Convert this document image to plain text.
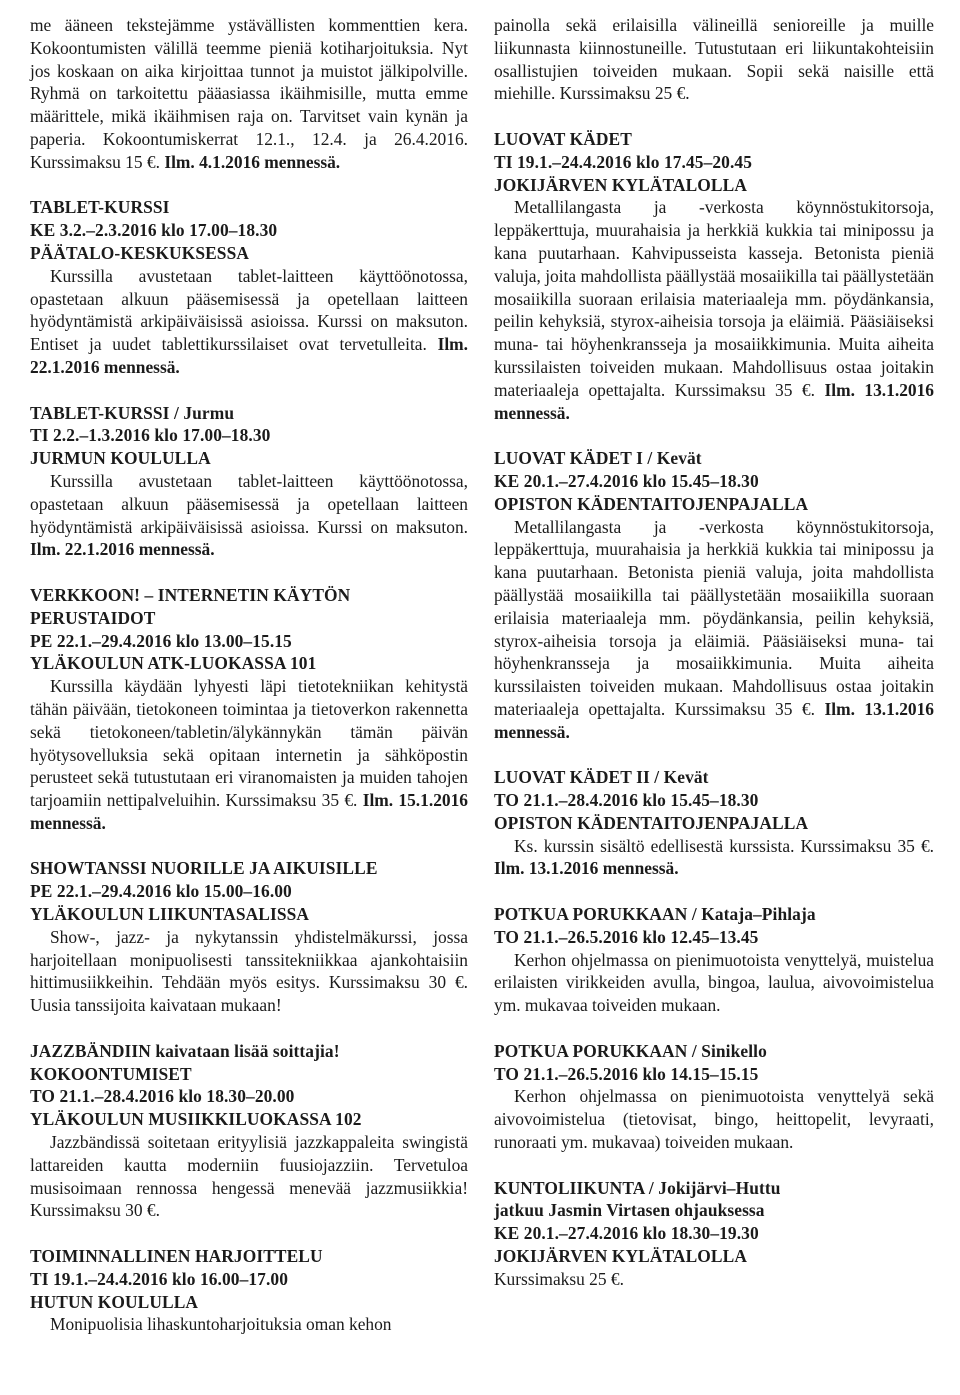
me ääneen tekstejämme ystävällisten kommenttien kera. Kokoontumisten välillä teemme pieniä kotiharjoituksia. Nyt jos koskaan on aika kirjoittaa tunnot ja muistot jälkipolville. Ryhmä on tarkoitettu pääasiassa ikäihmisille, mutta emme määrittele, mikä ikäihmisen raja on. Tarvitset vain kynän ja paperia. Kokoontumiskerrat 12.1., 12.4. ja 26.4.2016. Kurssimaksu 15 €. Ilm. 4.1.2016 mennessä.

TABLET-KURSSI

KE 3.2.–2.3.2016 klo 17.00–18.30

PÄÄTALO-KESKUKSESSA

Kurssilla avustetaan tablet-laitteen käyttöönotossa, opastetaan alkuun pääsemisessä ja opetellaan laitteen hyödyntämistä arkipäiväisissä asioissa. Kurssi on maksuton. Entiset ja uudet tablettikurssilaiset ovat tervetulleita. Ilm. 22.1.2016 mennessä.

TABLET-KURSSI / Jurmu

TI 2.2.–1.3.2016 klo 17.00–18.30

JURMUN KOULULLA

Kurssilla avustetaan tablet-laitteen käyttöönotossa, opastetaan alkuun pääsemisessä ja opetellaan laitteen hyödyntämistä arkipäiväisissä asioissa. Kurssi on maksuton. Ilm. 22.1.2016 mennessä.

VERKKOON! – INTERNETIN KÄYTÖN PERUSTAIDOT

PE 22.1.–29.4.2016 klo 13.00–15.15

YLÄKOULUN ATK-LUOKASSA 101

Kurssilla käydään lyhyesti läpi tietotekniikan kehitystä tähän päivään, tietokoneen toimintaa ja tietoverkon rakennetta sekä tietokoneen/tabletin/älykännykän tämän päivän hyötysovelluksia sekä opitaan internetin ja sähköpostin perusteet sekä tutustutaan eri viranomaisten ja muiden tahojen tarjoamiin nettipalveluihin. Kurssimaksu 35 €. Ilm. 15.1.2016 mennessä.

SHOWTANSSI NUORILLE JA AIKUISILLE

PE 22.1.–29.4.2016 klo 15.00–16.00

YLÄKOULUN LIIKUNTASALISSA

Show-, jazz- ja nykytanssin yhdistelmäkurssi, jossa harjoitellaan monipuolisesti tanssitekniikkaa ajankohtaisiin hittimusiikkeihin. Tehdään myös esitys. Kurssimaksu 30 €. Uusia tanssijoita kaivataan mukaan!

JAZZBÄNDIIN kaivataan lisää soittajia!

KOKOONTUMISET

TO 21.1.–28.4.2016 klo 18.30–20.00

YLÄKOULUN MUSIIKKILUOKASSA 102

Jazzbändissä soitetaan erityylisiä jazzkappaleita swingistä lattareiden kautta moderniin fuusiojazziin. Tervetuloa musisoimaan rennossa hengessä menevää jazzmusiikkia! Kurssimaksu 30 €.

TOIMINNALLINEN HARJOITTELU

TI 19.1.–24.4.2016 klo 16.00–17.00

HUTUN KOULULLA

Monipuolisia lihaskuntoharjoituksia oman kehon

painolla sekä erilaisilla välineillä senioreille ja muille liikunnasta kiinnostuneille. Tutustutaan eri liikuntakohteisiin osallistujien toiveiden mukaan. Sopii sekä naisille että miehille. Kurssimaksu 25 €.

LUOVAT KÄDET

TI 19.1.–24.4.2016 klo 17.45–20.45

JOKIJÄRVEN KYLÄTALOLLA

Metallilangasta ja -verkosta köynnöstukitorsoja, leppäkerttuja, muurahaisia ja herkkiä kukkia tai minipossu ja kana puutarhaan. Kahvipusseista kasseja. Betonista pieniä valuja, joita mahdollista päällystää mosaiikilla tai päällystetään mosaiikilla suoraan erilaisia materiaaleja mm. pöydänkansia, peilin kehyksiä, styrox-aiheisia torsoja ja eläimiä. Pääsiäiseksi muna- tai höyhenkransseja ja mosaiikkimunia. Muita aiheita kurssilaisten toiveiden mukaan. Mahdollisuus ostaa joitakin materiaaleja opettajalta. Kurssimaksu 35 €. Ilm. 13.1.2016 mennessä.

LUOVAT KÄDET I / Kevät

KE 20.1.–27.4.2016 klo 15.45–18.30

OPISTON KÄDENTAITOJENPAJALLA

Metallilangasta ja -verkosta köynnöstukitorsoja, leppäkerttuja, muurahaisia ja herkkiä kukkia tai minipossu ja kana puutarhaan. Betonista pieniä valuja, joita mahdollista päällystää mosaiikilla tai päällystetään mosaiikilla suoraan erilaisia materiaaleja mm. pöydänkansia, peilin kehyksiä, styrox-aiheisia torsoja ja eläimiä. Pääsiäiseksi muna- tai höyhenkransseja ja mosaiikkimunia. Muita aiheita kurssilaisten toiveiden mukaan. Mahdollisuus ostaa joitakin materiaaleja opettajalta. Kurssimaksu 35 €. Ilm. 13.1.2016 mennessä.

LUOVAT KÄDET II / Kevät

TO 21.1.–28.4.2016 klo 15.45–18.30

OPISTON KÄDENTAITOJENPAJALLA

Ks. kurssin sisältö edellisestä kurssista. Kurssimaksu 35 €. Ilm. 13.1.2016 mennessä.

POTKUA PORUKKAAN / Kataja–Pihlaja

TO 21.1.–26.5.2016 klo 12.45–13.45

Kerhon ohjelmassa on pienimuotoista venyttelyä, muistelua erilaisten virikkeiden avulla, bingoa, laulua, aivovoimistelua ym. mukavaa toiveiden mukaan.

POTKUA PORUKKAAN / Sinikello

TO 21.1.–26.5.2016 klo 14.15–15.15

Kerhon ohjelmassa on pienimuotoista venyttelyä sekä aivovoimistelua (tietovisat, bingo, heittopelit, levyraati, runoraati ym. mukavaa) toiveiden mukaan.

KUNTOLIIKUNTA / Jokijärvi–Huttu

jatkuu Jasmin Virtasen ohjauksessa

KE 20.1.–27.4.2016 klo 18.30–19.30

JOKIJÄRVEN KYLÄTALOLLA

Kurssimaksu 25 €.
